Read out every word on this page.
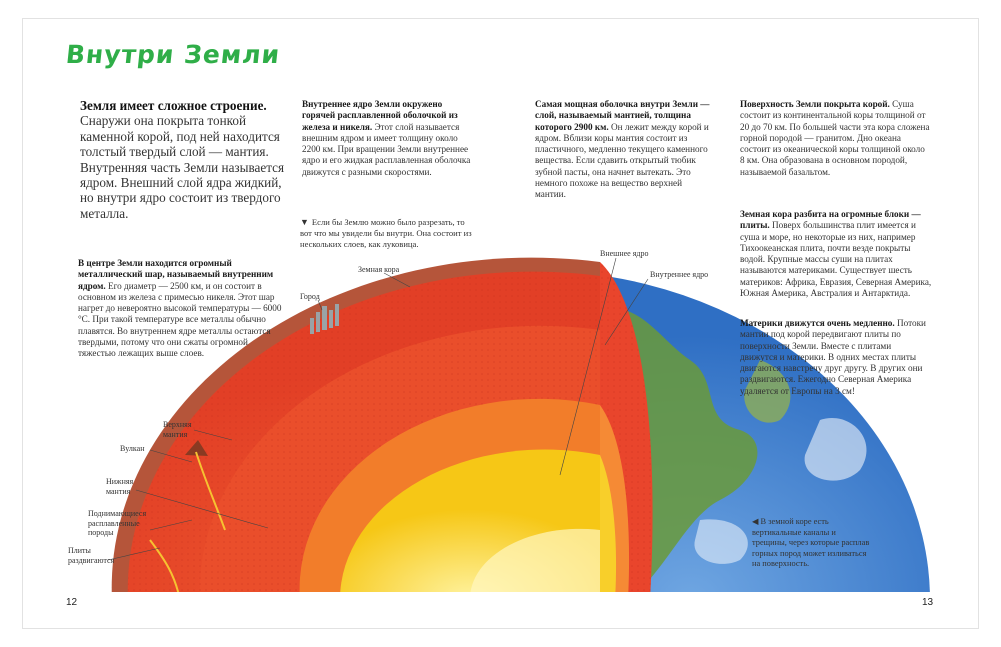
Внутри Земли
Земля имеет сложное строение. Снаружи она покрыта тонкой каменной корой, под ней находится толстый твердый слой — мантия. Внутренняя часть Земли называется ядром. Внешний слой ядра жидкий, но внутри ядро состоит из твердого металла.
Внутреннее ядро Земли окружено горячей расплавленной оболочкой из железа и никеля. Этот слой называется внешним ядром и имеет толщину около 2200 км. При вращении Земли внутреннее ядро и его жидкая расплавленная оболочка движутся с разными скоростями.
Самая мощная оболочка внутри Земли — слой, называемый мантией, толщина которого 2900 км. Он лежит между корой и ядром. Вблизи коры мантия состоит из пластичного, медленно текущего каменного вещества. Если сдавить открытый тюбик зубной пасты, она начнет вытекать. Это немного похоже на вещество верхней мантии.
Поверхность Земли покрыта корой. Суша состоит из континентальной коры толщиной от 20 до 70 км. По большей части эта кора сложена горной породой — гранитом. Дно океана состоит из океанической коры толщиной около 8 км. Она образована в основном породой, называемой базальтом.
Земная кора разбита на огромные блоки — плиты. Поверх большинства плит имеется и суша и море, но некоторые из них, например Тихоокеанская плита, почти везде покрыты водой. Крупные массы суши на плитах называются материками. Существует шесть материков: Африка, Евразия, Северная Америка, Южная Америка, Австралия и Антарктида.
Материки движутся очень медленно. Потоки мантии под корой передвигают плиты по поверхности Земли. Вместе с плитами движутся и материки. В одних местах плиты двигаются навстречу друг другу. В других они раздвигаются. Ежегодно Северная Америка удаляется от Европы на 3 см!
В центре Земли находится огромный металлический шар, называемый внутренним ядром. Его диаметр — 2500 км, и он состоит в основном из железа с примесью никеля. Этот шар нагрет до невероятно высокой температуры — 6000 °С. При такой температуре все металлы обычно плавятся. Во внутреннем ядре металлы остаются твердыми, потому что они сжаты огромной тяжестью лежащих выше слоев.
▼ Если бы Землю можно было разрезать, то вот что мы увидели бы внутри. Она состоит из нескольких слоев, как луковица.
◀ В земной коре есть вертикальные каналы и трещины, через которые расплав горных пород может изливаться на поверхность.
Земная кора
Город
Внешнее ядро
Внутреннее ядро
Верхняя мантия
Вулкан
Нижняя мантия
Поднимающиеся расплавленные породы
Плиты раздвигаются
12	13
